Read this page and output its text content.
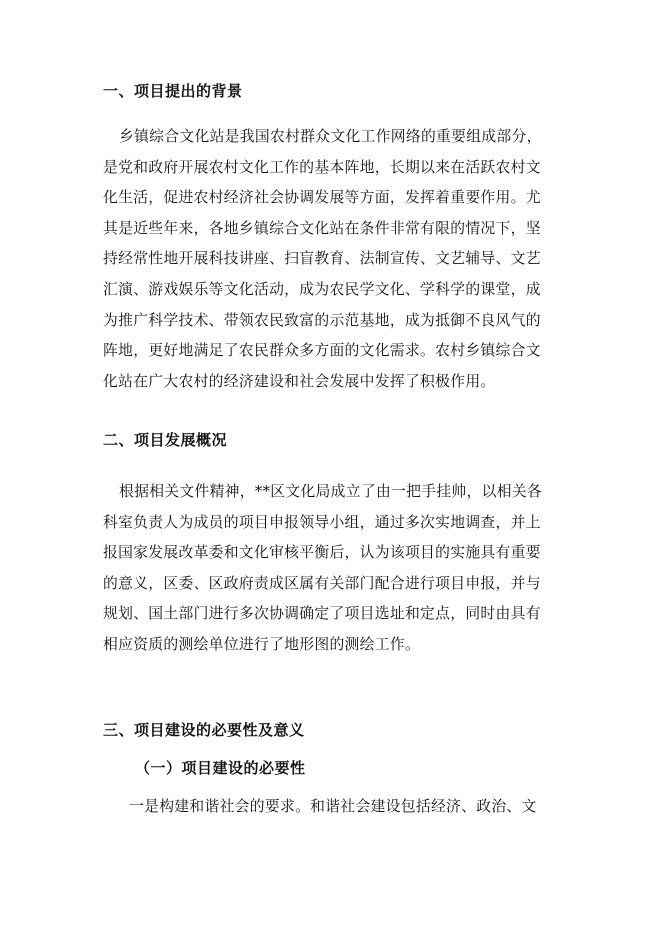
一、项目提出的背景
乡镇综合文化站是我国农村群众文化工作网络的重要组成部分，
是党和政府开展农村文化工作的基本阵地，长期以来在活跃农村文
化生活，促进农村经济社会协调发展等方面，发挥着重要作用。尤
其是近些年来，各地乡镇综合文化站在条件非常有限的情况下，坚
持经常性地开展科技讲座、扫盲教育、法制宣传、文艺辅导、文艺
汇演、游戏娱乐等文化活动，成为农民学文化、学科学的课堂，成
为推广科学技术、带领农民致富的示范基地，成为抵御不良风气的
阵地，更好地满足了农民群众多方面的文化需求。农村乡镇综合文
化站在广大农村的经济建设和社会发展中发挥了积极作用。
二、项目发展概况
根据相关文件精神，**区文化局成立了由一把手挂帅，以相关各
科室负责人为成员的项目申报领导小组，通过多次实地调查，并上
报国家发展改革委和文化审核平衡后，认为该项目的实施具有重要
的意义，区委、区政府责成区属有关部门配合进行项目申报，并与
规划、国土部门进行多次协调确定了项目选址和定点，同时由具有
相应资质的测绘单位进行了地形图的测绘工作。
三、项目建设的必要性及意义
（一）项目建设的必要性
一是构建和谐社会的要求。和谐社会建设包括经济、政治、文
